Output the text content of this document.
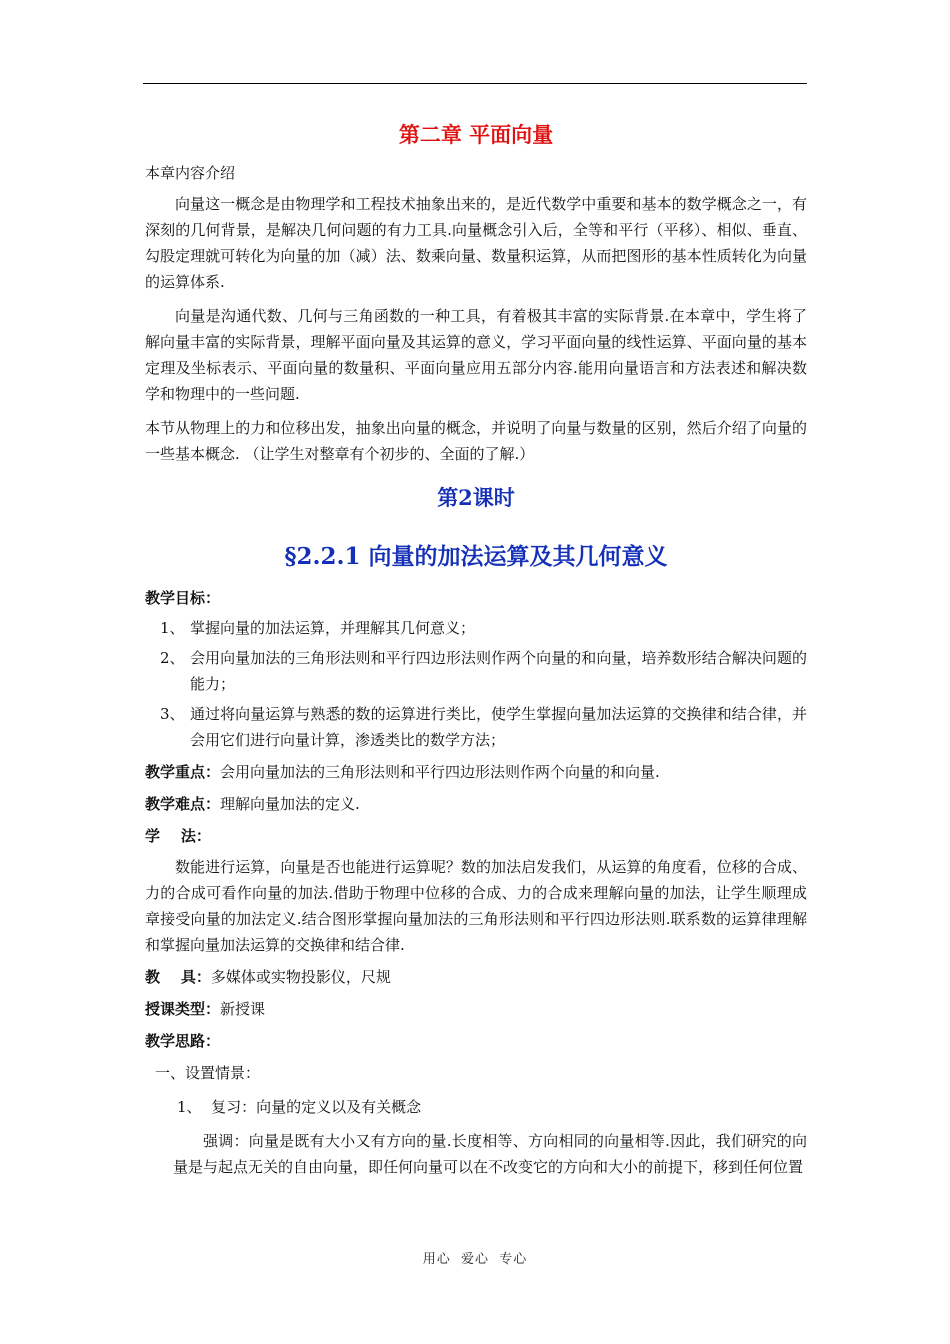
第二章 平面向量
本章内容介绍
向量这一概念是由物理学和工程技术抽象出来的，是近代数学中重要和基本的数学概念之一，有深刻的几何背景，是解决几何问题的有力工具.向量概念引入后，全等和平行（平移）、相似、垂直、勾股定理就可转化为向量的加（减）法、数乘向量、数量积运算，从而把图形的基本性质转化为向量的运算体系.
向量是沟通代数、几何与三角函数的一种工具，有着极其丰富的实际背景.在本章中，学生将了解向量丰富的实际背景，理解平面向量及其运算的意义，学习平面向量的线性运算、平面向量的基本定理及坐标表示、平面向量的数量积、平面向量应用五部分内容.能用向量语言和方法表述和解决数学和物理中的一些问题.
本节从物理上的力和位移出发，抽象出向量的概念，并说明了向量与数量的区别，然后介绍了向量的一些基本概念. （让学生对整章有个初步的、全面的了解.）
第2课时
§2.2.1 向量的加法运算及其几何意义
教学目标：
1、 掌握向量的加法运算，并理解其几何意义；
2、 会用向量加法的三角形法则和平行四边形法则作两个向量的和向量，培养数形结合解决问题的能力；
3、 通过将向量运算与熟悉的数的运算进行类比，使学生掌握向量加法运算的交换律和结合律，并会用它们进行向量计算，渗透类比的数学方法；
教学重点：会用向量加法的三角形法则和平行四边形法则作两个向量的和向量.
教学难点：理解向量加法的定义.
学    法：
数能进行运算，向量是否也能进行运算呢？数的加法启发我们，从运算的角度看，位移的合成、力的合成可看作向量的加法.借助于物理中位移的合成、力的合成来理解向量的加法，让学生顺理成章接受向量的加法定义.结合图形掌握向量加法的三角形法则和平行四边形法则.联系数的运算律理解和掌握向量加法运算的交换律和结合律.
教    具：多媒体或实物投影仪，尺规
授课类型：新授课
教学思路：
一、设置情景：
1、  复习：向量的定义以及有关概念
强调：向量是既有大小又有方向的量.长度相等、方向相同的向量相等.因此，我们研究的向量是与起点无关的自由向量，即任何向量可以在不改变它的方向和大小的前提下，移到任何位置
用心  爱心  专心
